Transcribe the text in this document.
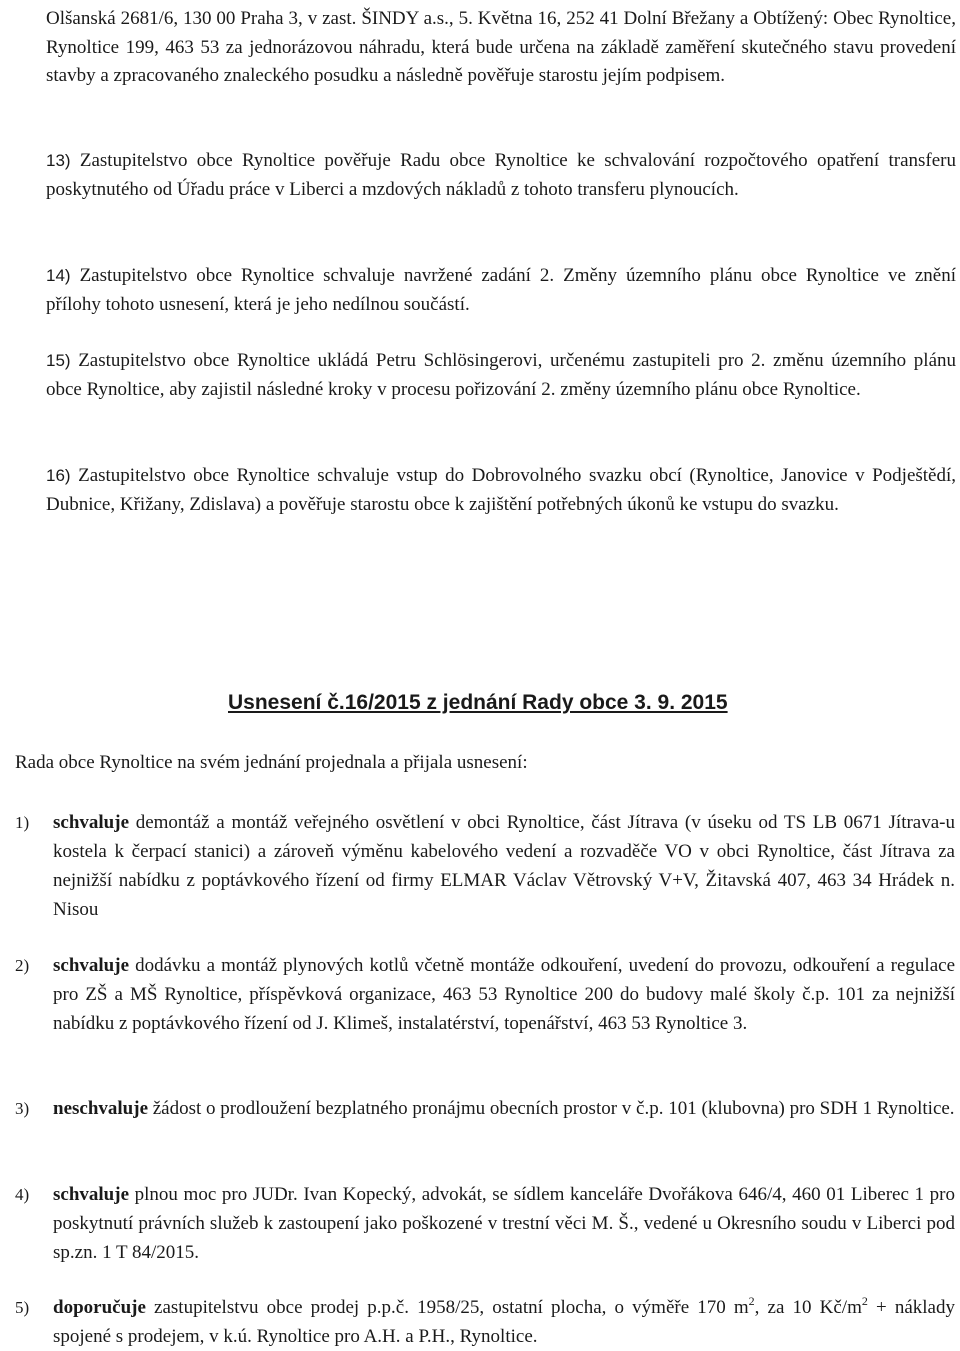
Olšanská 2681/6, 130 00 Praha 3, v zast. ŠINDY a.s., 5. Května 16, 252 41 Dolní Břežany a Obtížený: Obec Rynoltice, Rynoltice 199, 463 53 za jednorázovou náhradu, která bude určena na základě zaměření skutečného stavu provedení stavby a zpracovaného znaleckého posudku a následně pověřuje starostu jejím podpisem.
13) Zastupitelstvo obce Rynoltice pověřuje Radu obce Rynoltice ke schvalování rozpočtového opatření transferu poskytnutého od Úřadu práce v Liberci a mzdových nákladů z tohoto transferu plynoucích.
14) Zastupitelstvo obce Rynoltice schvaluje navržené zadání 2. Změny územního plánu obce Rynoltice ve znění přílohy tohoto usnesení, která je jeho nedílnou součástí.
15) Zastupitelstvo obce Rynoltice ukládá Petru Schlösingerovi, určenému zastupiteli pro 2. změnu územního plánu obce Rynoltice, aby zajistil následné kroky v procesu pořizování 2. změny územního plánu obce Rynoltice.
16) Zastupitelstvo obce Rynoltice schvaluje vstup do Dobrovolného svazku obcí (Rynoltice, Janovice v Podještědí, Dubnice, Křižany, Zdislava) a pověřuje starostu obce k zajištění potřebných úkonů ke vstupu do svazku.
Usnesení č.16/2015 z jednání Rady obce 3. 9. 2015
Rada obce Rynoltice na svém jednání projednala a přijala usnesení:
1) schvaluje demontáž a montáž veřejného osvětlení v obci Rynoltice, část Jítrava (v úseku od TS LB 0671 Jítrava-u kostela k čerpací stanici) a zároveň výměnu kabelového vedení a rozvaděče VO v obci Rynoltice, část Jítrava za nejnižší nabídku z poptávkového řízení od firmy ELMAR Václav Větrovský V+V, Žitavská 407, 463 34 Hrádek n. Nisou
2) schvaluje dodávku a montáž plynových kotlů včetně montáže odkouření, uvedení do provozu, odkouření a regulace pro ZŠ a MŠ Rynoltice, příspěvková organizace, 463 53 Rynoltice 200 do budovy malé školy č.p. 101 za nejnižší nabídku z poptávkového řízení od J. Klimeš, instalatérství, topenářství, 463 53 Rynoltice 3.
3) neschvaluje žádost o prodloužení bezplatného pronájmu obecních prostor v č.p. 101 (klubovna) pro SDH 1 Rynoltice.
4) schvaluje plnou moc pro JUDr. Ivan Kopecký, advokát, se sídlem kanceláře Dvořákova 646/4, 460 01 Liberec 1 pro poskytnutí právních služeb k zastoupení jako poškozené v trestní věci M. Š., vedené u Okresního soudu v Liberci pod sp.zn. 1 T 84/2015.
5) doporučuje zastupitelstvu obce prodej p.p.č. 1958/25, ostatní plocha, o výměře 170 $m^2$, za 10 $Kč/m^2$ + náklady spojené s prodejem, v k.ú. Rynoltice pro A.H. a P.H., Rynoltice.
